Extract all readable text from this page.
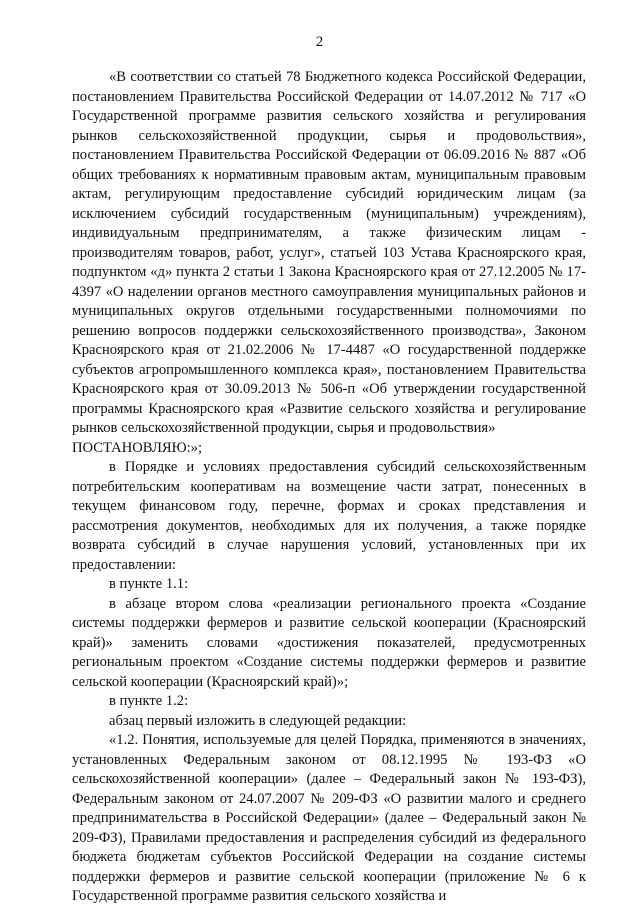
2

«В соответствии со статьей 78 Бюджетного кодекса Российской Федерации, постановлением Правительства Российской Федерации от 14.07.2012 № 717 «О Государственной программе развития сельского хозяйства и регулирования рынков сельскохозяйственной продукции, сырья и продовольствия», постановлением Правительства Российской Федерации от 06.09.2016 № 887 «Об общих требованиях к нормативным правовым актам, муниципальным правовым актам, регулирующим предоставление субсидий юридическим лицам (за исключением субсидий государственным (муниципальным) учреждениям), индивидуальным предпринимателям, а также физическим лицам - производителям товаров, работ, услуг», статьей 103 Устава Красноярского края, подпунктом «д» пункта 2 статьи 1 Закона Красноярского края от 27.12.2005 № 17-4397 «О наделении органов местного самоуправления муниципальных районов и муниципальных округов отдельными государственными полномочиями по решению вопросов поддержки сельскохозяйственного производства», Законом Красноярского края от 21.02.2006 № 17-4487 «О государственной поддержке субъектов агропромышленного комплекса края», постановлением Правительства Красноярского края от 30.09.2013 № 506-п «Об утверждении государственной программы Красноярского края «Развитие сельского хозяйства и регулирование рынков сельскохозяйственной продукции, сырья и продовольствия»

ПОСТАНОВЛЯЮ:»;

в Порядке и условиях предоставления субсидий сельскохозяйственным потребительским кооперативам на возмещение части затрат, понесенных в текущем финансовом году, перечне, формах и сроках представления и рассмотрения документов, необходимых для их получения, а также порядке возврата субсидий в случае нарушения условий, установленных при их предоставлении:

в пункте 1.1:

в абзаце втором слова «реализации регионального проекта «Создание системы поддержки фермеров и развитие сельской кооперации (Красноярский край)» заменить словами «достижения показателей, предусмотренных региональным проектом «Создание системы поддержки фермеров и развитие сельской кооперации (Красноярский край)»;

в пункте 1.2:

абзац первый изложить в следующей редакции:

«1.2. Понятия, используемые для целей Порядка, применяются в значениях, установленных Федеральным законом от 08.12.1995 № 193-ФЗ «О сельскохозяйственной кооперации» (далее – Федеральный закон № 193-ФЗ), Федеральным законом от 24.07.2007 № 209-ФЗ «О развитии малого и среднего предпринимательства в Российской Федерации» (далее – Федеральный закон № 209-ФЗ), Правилами предоставления и распределения субсидий из федерального бюджета бюджетам субъектов Российской Федерации на создание системы поддержки фермеров и развитие сельской кооперации (приложение № 6 к Государственной программе развития сельского хозяйства и
